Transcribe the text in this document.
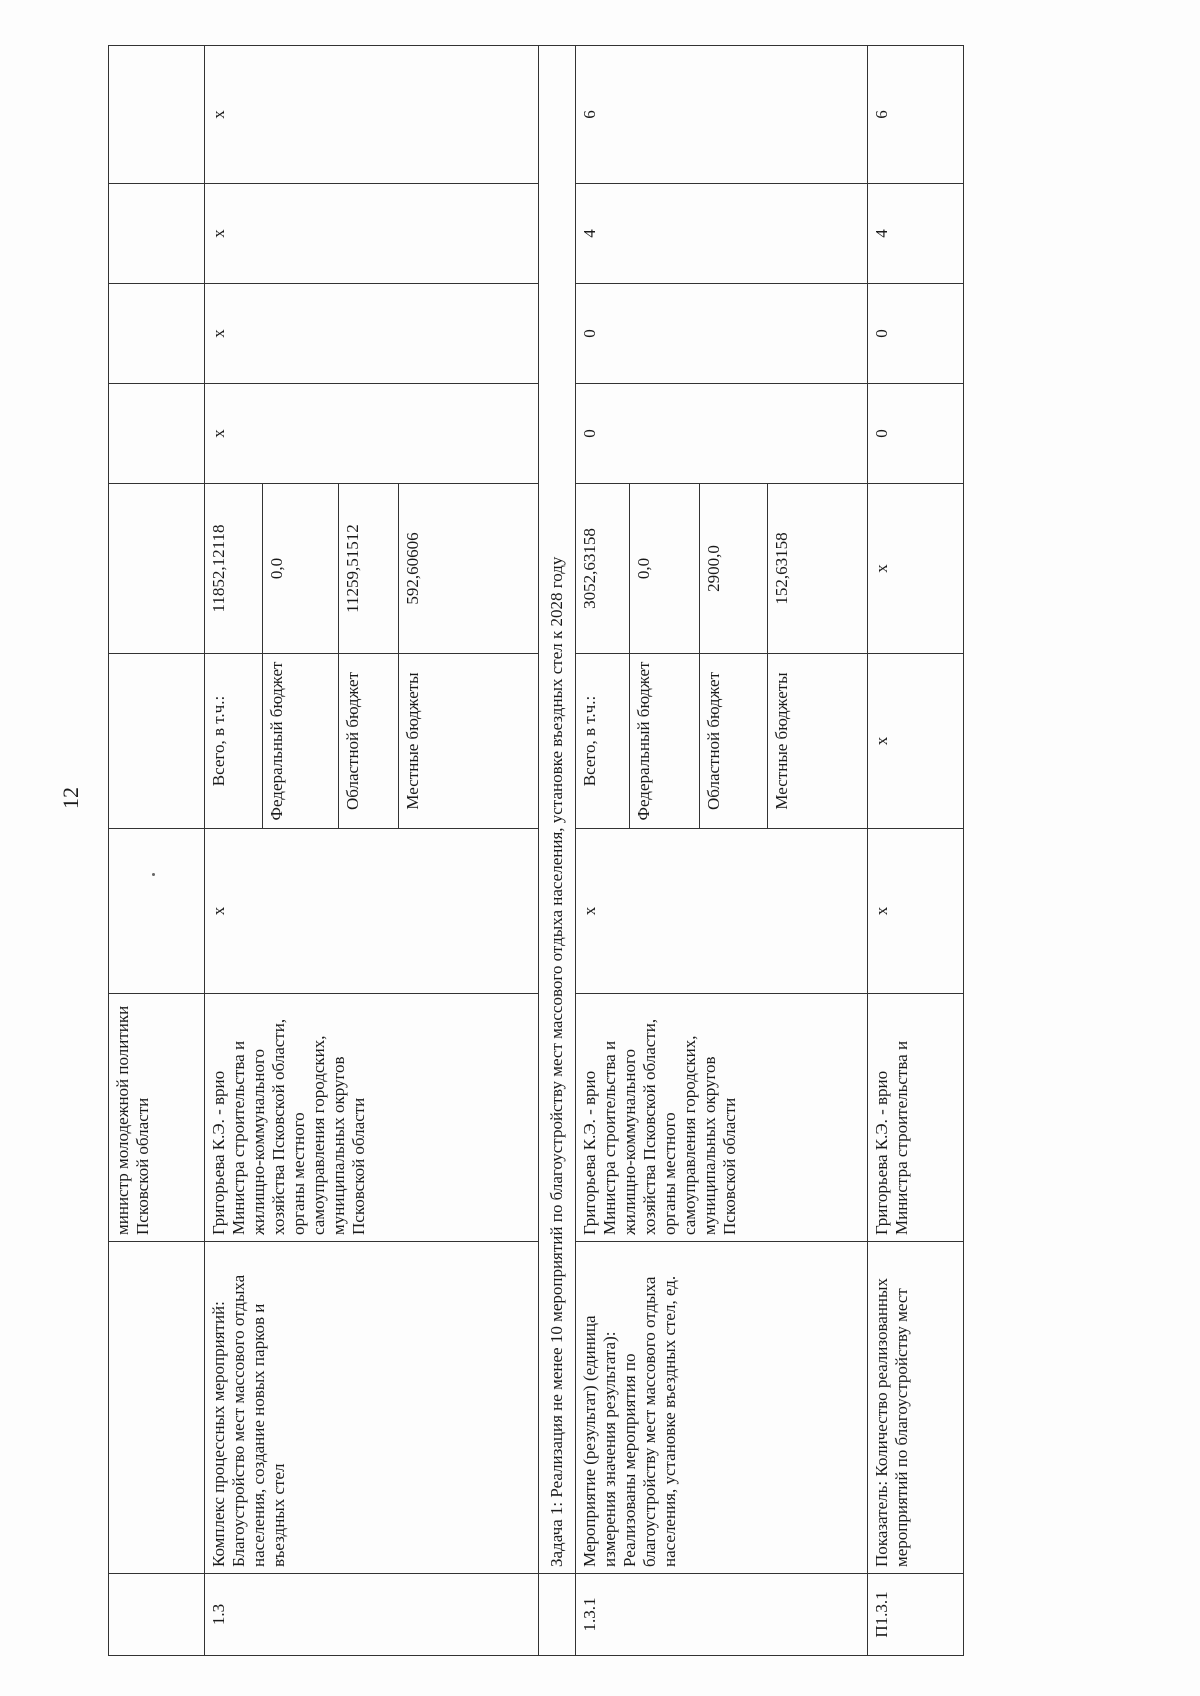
12
		министр молодежной политики Псковской области							
1.3	Комплекс процессных мероприятий: Благоустройство мест массового отдыха населения, создание новых парков и въездных стел	Григорьева К.Э. - врио Министра строительства и жилищно-коммунального хозяйства Псковской области, органы местного самоуправления городских, муниципальных округов Псковской области	x	Всего, в т.ч.:	11852,12118	x	x	x	x
				Федеральный бюджет	0,0				
				Областной бюджет	11259,51512				
				Местные бюджеты	592,60606				
	Задача 1: Реализация не менее 10 мероприятий по благоустройству мест массового отдыха населения, установке въездных стел к 2028 году								
1.3.1	Мероприятие (результат) (единица измерения значения результата): Реализованы мероприятия по благоустройству мест массового отдыха населения, установке въездных стел, ед.	Григорьева К.Э. - врио Министра строительства и жилищно-коммунального хозяйства Псковской области, органы местного самоуправления городских, муниципальных округов Псковской области	x	Всего, в т.ч.:	3052,63158	0	0	4	6
				Федеральный бюджет	0,0				
				Областной бюджет	2900,0				
				Местные бюджеты	152,63158				
П1.3.1	Показатель: Количество реализованных мероприятий по благоустройству мест	Григорьева К.Э. - врио Министра строительства и	x	x	x	0	0	4	6
